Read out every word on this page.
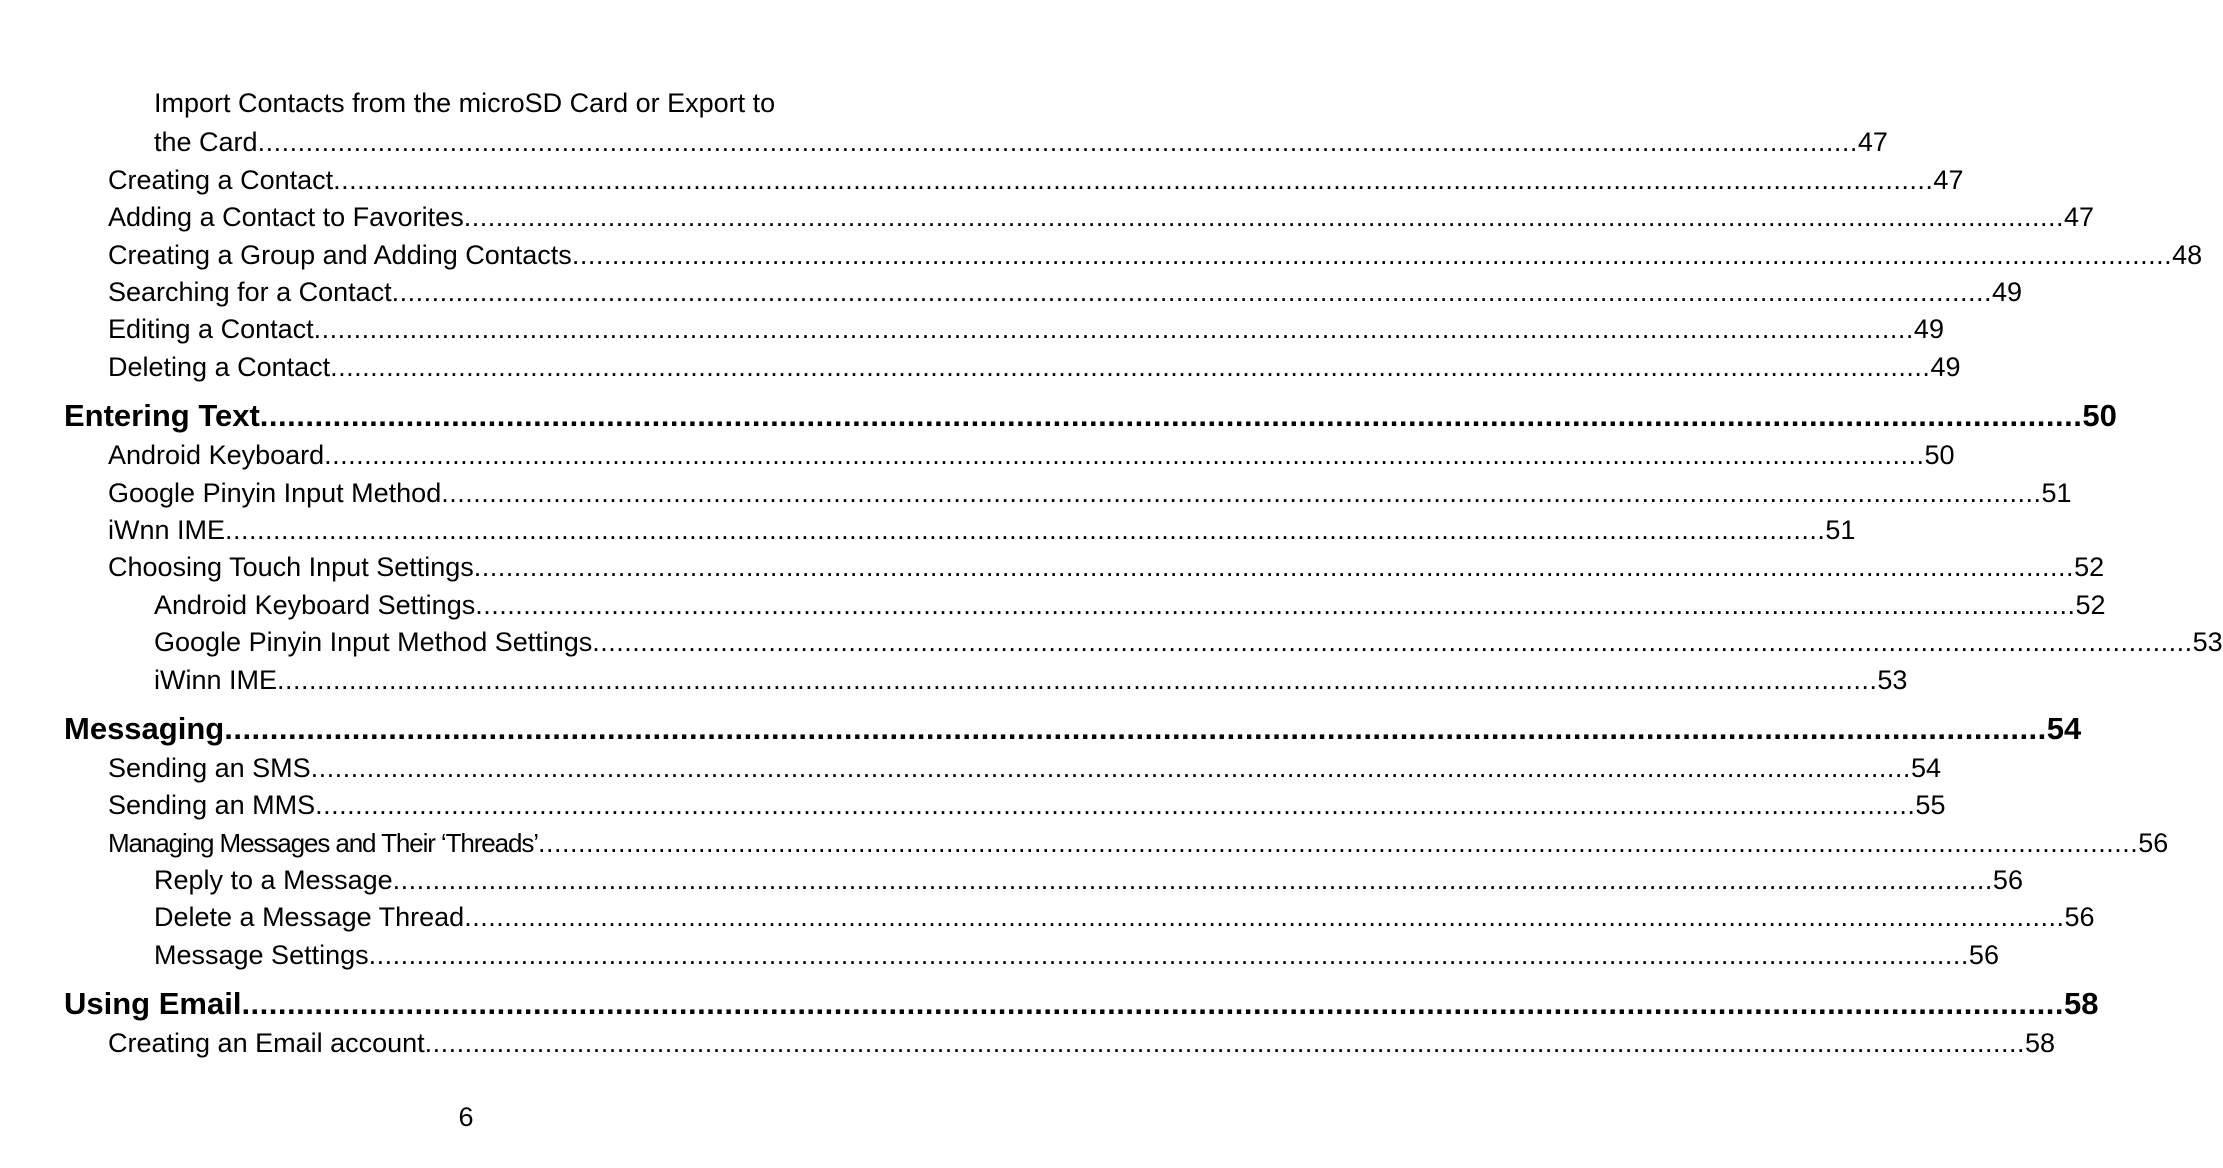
Import Contacts from the microSD Card or Export to
the Card ........................................................................................................................................................................................................ 47
Creating a Contact ........................................................................................................................................................................................................ 47
Adding a Contact to Favorites ........................................................................................................................................................................................................ 47
Creating a Group and Adding Contacts ........................................................................................................................................................................................................ 48
Searching for a Contact ........................................................................................................................................................................................................ 49
Editing a Contact ........................................................................................................................................................................................................ 49
Deleting a Contact ........................................................................................................................................................................................................ 49
Entering Text ........................................................................................................................................................................................................ 50
Android Keyboard ........................................................................................................................................................................................................ 50
Google Pinyin Input Method ........................................................................................................................................................................................................ 51
iWnn IME ........................................................................................................................................................................................................ 51
Choosing Touch Input Settings ........................................................................................................................................................................................................ 52
Android Keyboard Settings ........................................................................................................................................................................................................ 52
Google Pinyin Input Method Settings ........................................................................................................................................................................................................ 53
iWinn IME ........................................................................................................................................................................................................ 53
Messaging ........................................................................................................................................................................................................ 54
Sending an SMS ........................................................................................................................................................................................................ 54
Sending an MMS ........................................................................................................................................................................................................ 55
Managing Messages and Their ‘Threads’ ........................................................................................................................................................................................................ 56
Reply to a Message ........................................................................................................................................................................................................ 56
Delete a Message Thread ........................................................................................................................................................................................................ 56
Message Settings ........................................................................................................................................................................................................ 56
Using Email ........................................................................................................................................................................................................ 58
Creating an Email account ........................................................................................................................................................................................................ 58
6
